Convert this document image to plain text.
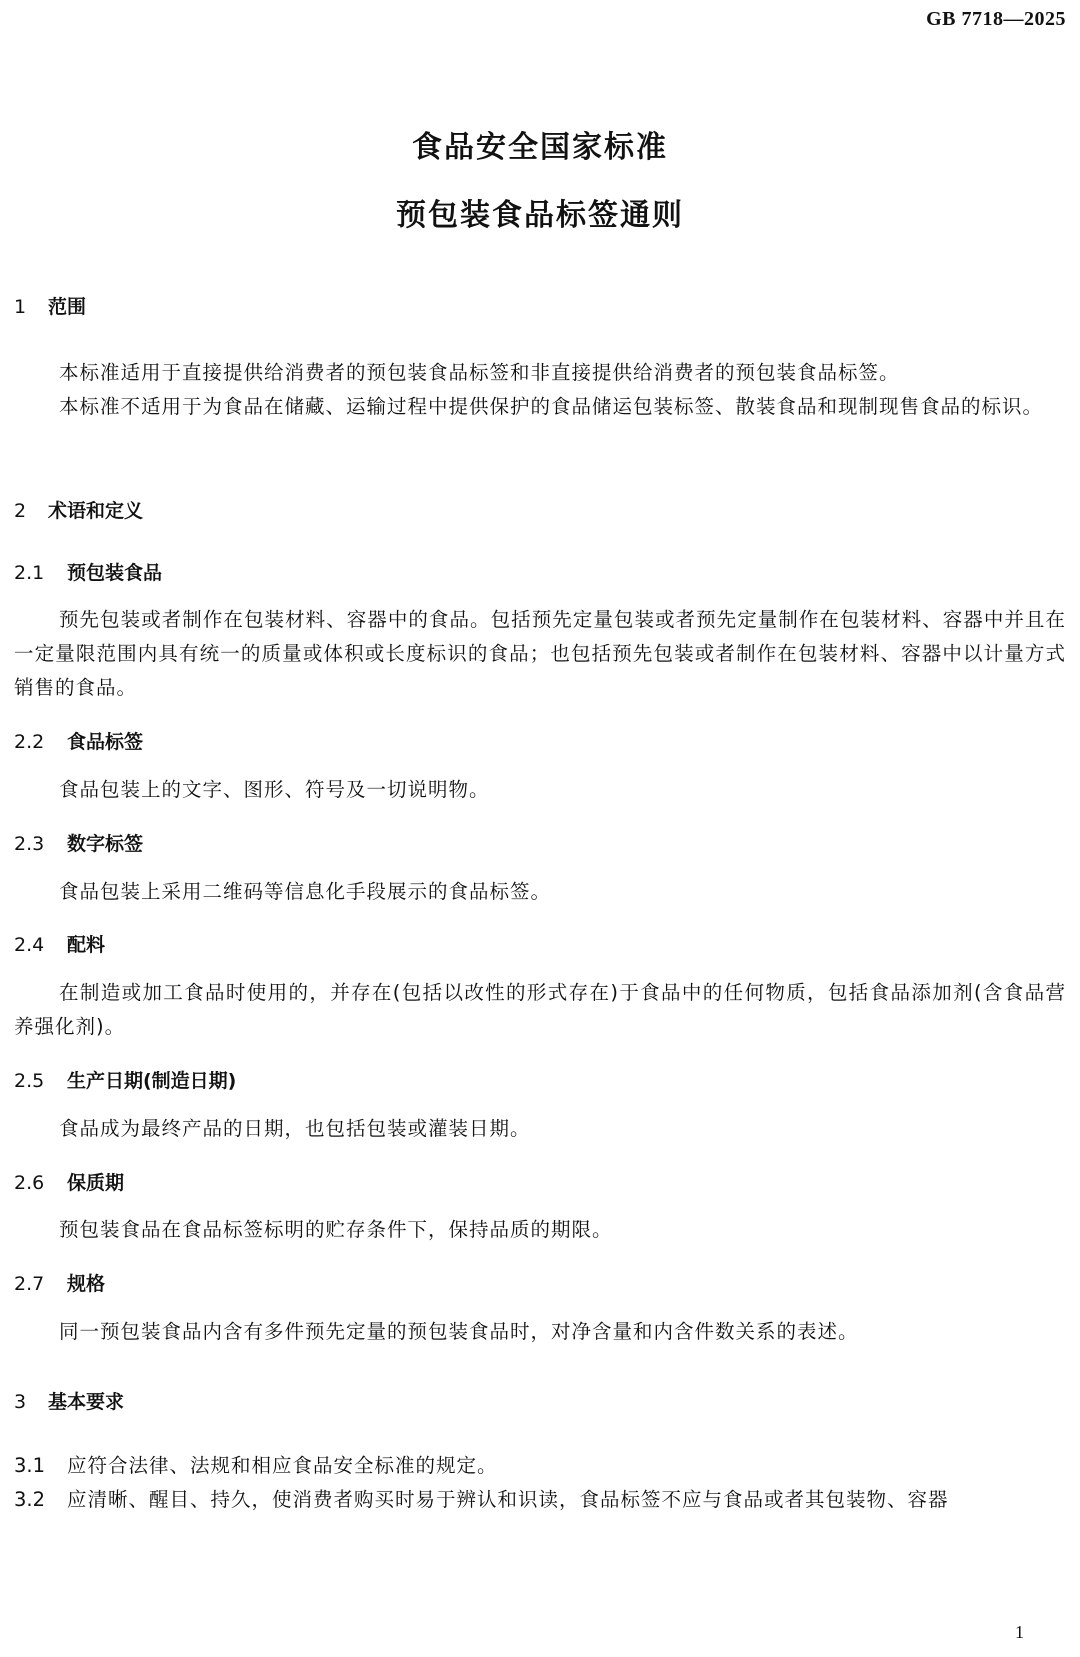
GB 7718—2025
食品安全国家标准
预包装食品标签通则
1 范围
本标准适用于直接提供给消费者的预包装食品标签和非直接提供给消费者的预包装食品标签。
本标准不适用于为食品在储藏、运输过程中提供保护的食品储运包装标签、散装食品和现制现售食品的标识。
2 术语和定义
2.1 预包装食品
预先包装或者制作在包装材料、容器中的食品。包括预先定量包装或者预先定量制作在包装材料、容器中并且在一定量限范围内具有统一的质量或体积或长度标识的食品；也包括预先包装或者制作在包装材料、容器中以计量方式销售的食品。
2.2 食品标签
食品包装上的文字、图形、符号及一切说明物。
2.3 数字标签
食品包装上采用二维码等信息化手段展示的食品标签。
2.4 配料
在制造或加工食品时使用的，并存在(包括以改性的形式存在)于食品中的任何物质，包括食品添加剂(含食品营养强化剂)。
2.5 生产日期(制造日期)
食品成为最终产品的日期，也包括包装或灌装日期。
2.6 保质期
预包装食品在食品标签标明的贮存条件下，保持品质的期限。
2.7 规格
同一预包装食品内含有多件预先定量的预包装食品时，对净含量和内含件数关系的表述。
3 基本要求
3.1 应符合法律、法规和相应食品安全标准的规定。
3.2 应清晰、醒目、持久，使消费者购买时易于辨认和识读，食品标签不应与食品或者其包装物、容器
1
